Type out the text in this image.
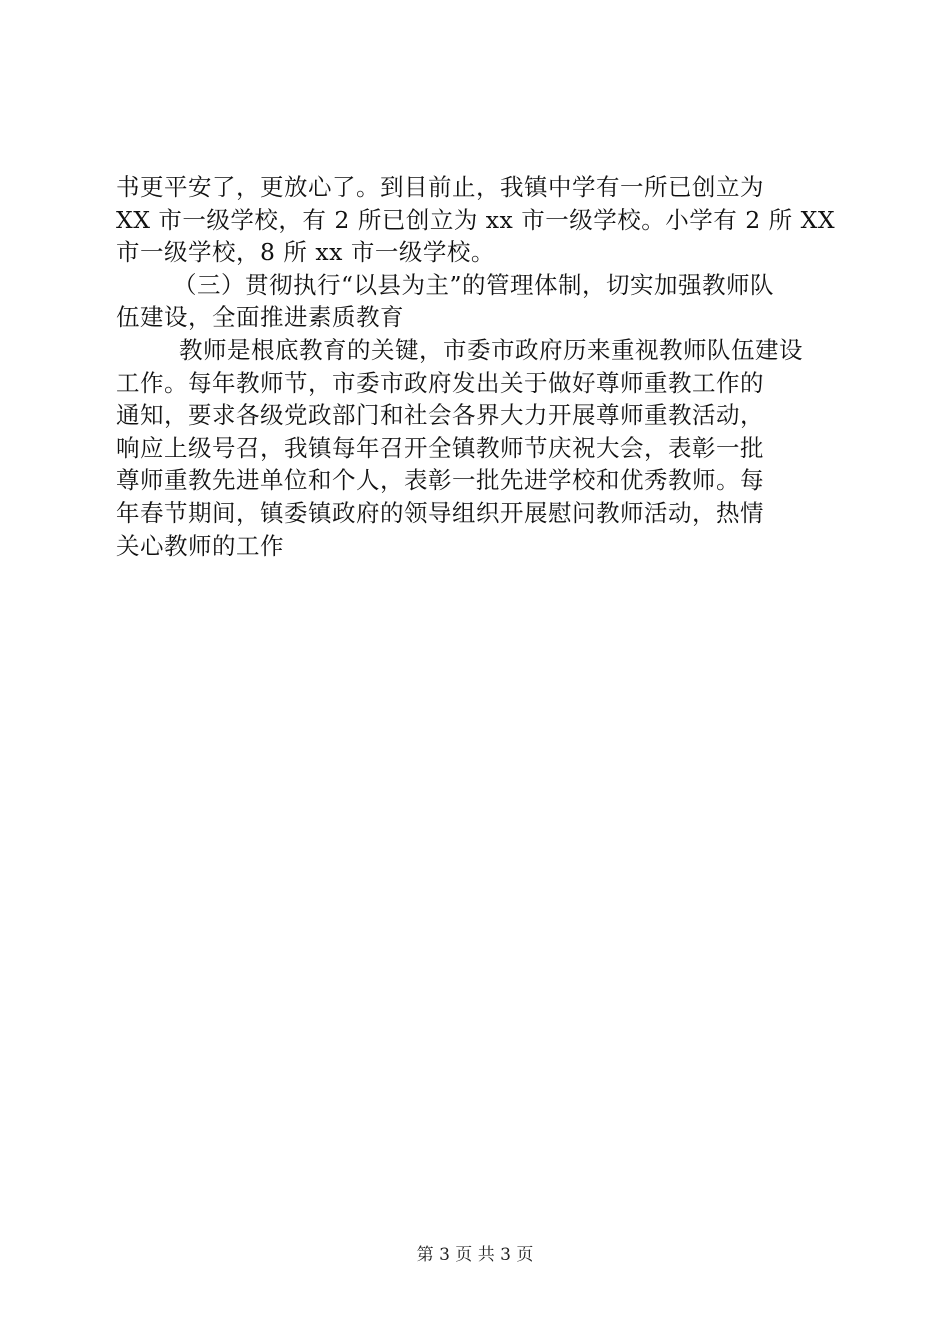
书更平安了，更放心了。到目前止，我镇中学有一所已创立为
XX 市一级学校，有 2 所已创立为 xx 市一级学校。小学有 2 所 XX
市一级学校，8 所 xx 市一级学校。
（三）贯彻执行“以县为主”的管理体制，切实加强教师队
伍建设，全面推进素质教育
教师是根底教育的关键，市委市政府历来重视教师队伍建设
工作。每年教师节，市委市政府发出关于做好尊师重教工作的
通知，要求各级党政部门和社会各界大力开展尊师重教活动，
响应上级号召，我镇每年召开全镇教师节庆祝大会，表彰一批
尊师重教先进单位和个人，表彰一批先进学校和优秀教师。每
年春节期间，镇委镇政府的领导组织开展慰问教师活动，热情
关心教师的工作
第 3 页 共 3 页
